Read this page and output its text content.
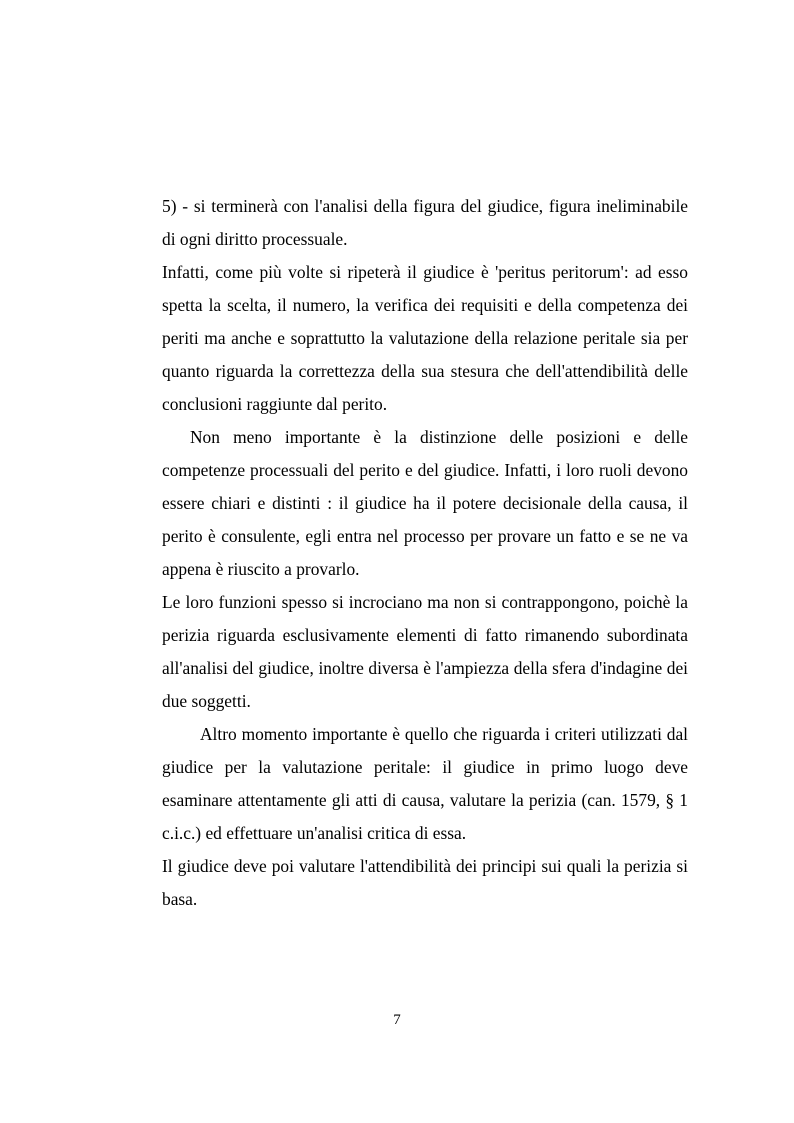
5) - si terminerà con l'analisi della figura del giudice, figura ineliminabile di ogni diritto processuale.

Infatti, come più volte si ripeterà il giudice è 'peritus peritorum': ad esso spetta la scelta, il numero, la verifica dei requisiti e della competenza dei periti ma anche e soprattutto la valutazione della relazione peritale sia per quanto riguarda la correttezza della sua stesura che dell'attendibilità delle conclusioni raggiunte dal perito.

Non meno importante è la distinzione delle posizioni e delle competenze processuali del perito e del giudice. Infatti, i loro ruoli devono essere chiari e distinti : il giudice ha il potere decisionale della causa, il perito è consulente, egli entra nel processo per provare un fatto e se ne va appena è riuscito a provarlo.

Le loro funzioni spesso si incrociano ma non si contrappongono, poichè la perizia riguarda esclusivamente elementi di fatto rimanendo subordinata all'analisi del giudice, inoltre diversa è l'ampiezza della sfera d'indagine dei due soggetti.

Altro momento importante è quello che riguarda i criteri utilizzati dal giudice per la valutazione peritale: il giudice in primo luogo deve esaminare attentamente gli atti di causa, valutare la perizia (can. 1579, § 1 c.i.c.) ed effettuare un'analisi critica di essa.

Il giudice deve poi valutare l'attendibilità dei principi sui quali la perizia si basa.

7
